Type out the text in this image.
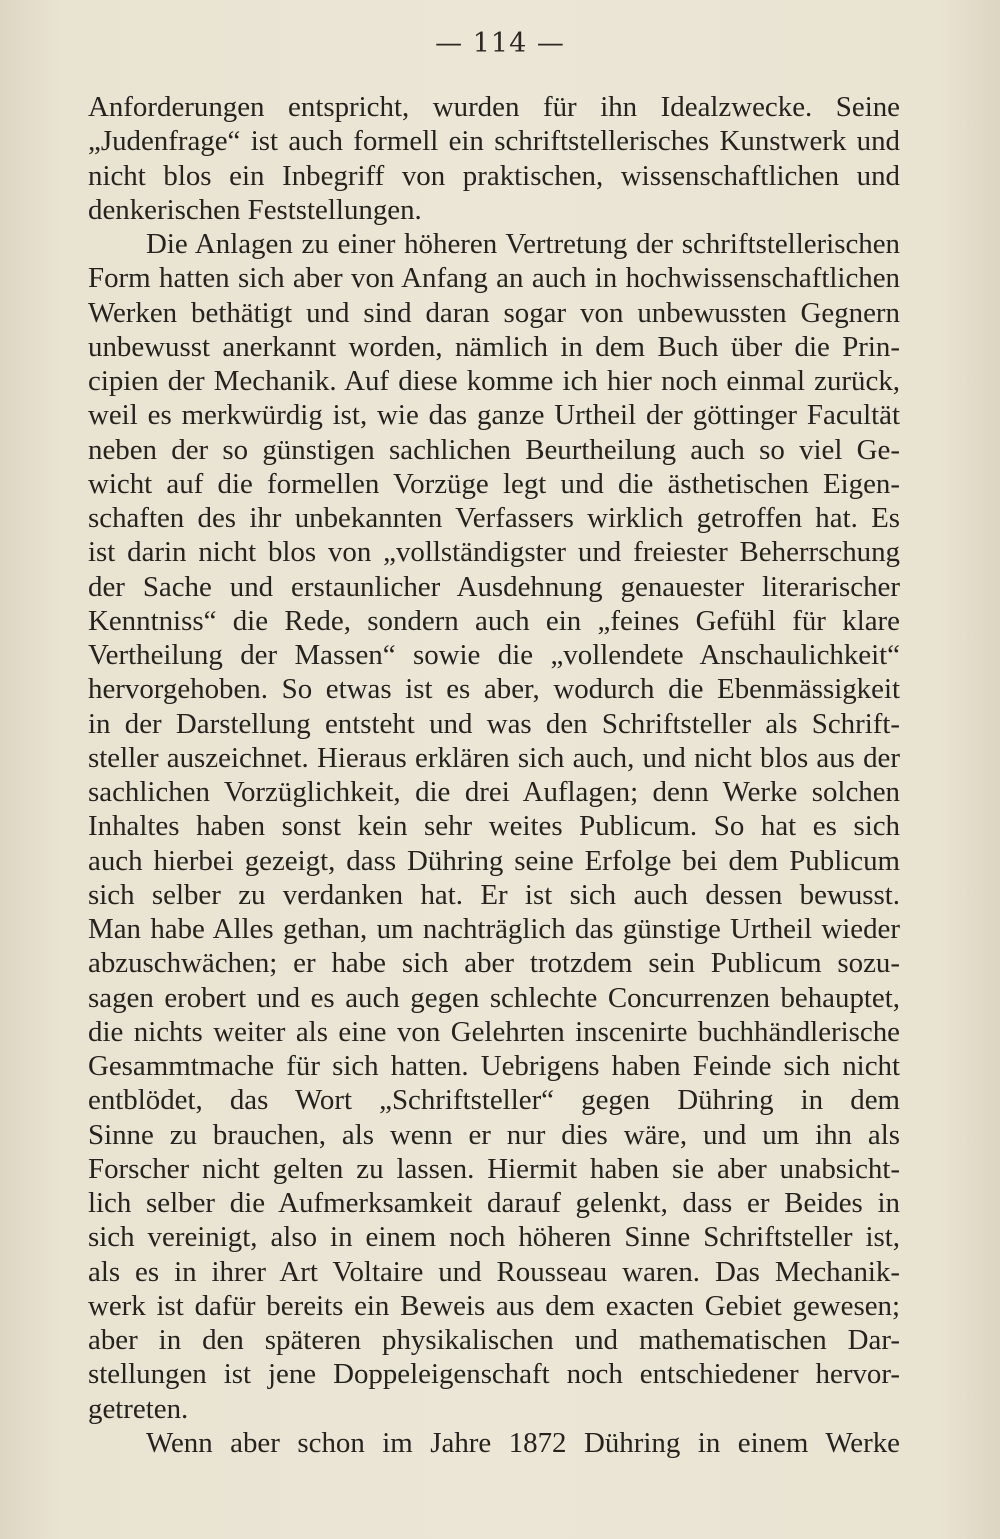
— 114 —
Anforderungen entspricht, wurden für ihn Idealzwecke. Seine
„Judenfrage“ ist auch formell ein schriftstellerisches Kunstwerk und
nicht blos ein Inbegriff von praktischen, wissenschaftlichen und
denkerischen Feststellungen.
Die Anlagen zu einer höheren Vertretung der schriftstellerischen
Form hatten sich aber von Anfang an auch in hochwissenschaftlichen
Werken bethätigt und sind daran sogar von unbewussten Gegnern
unbewusst anerkannt worden, nämlich in dem Buch über die Prin-
cipien der Mechanik. Auf diese komme ich hier noch einmal zurück,
weil es merkwürdig ist, wie das ganze Urtheil der göttinger Facultät
neben der so günstigen sachlichen Beurtheilung auch so viel Ge-
wicht auf die formellen Vorzüge legt und die ästhetischen Eigen-
schaften des ihr unbekannten Verfassers wirklich getroffen hat. Es
ist darin nicht blos von „vollständigster und freiester Beherrschung
der Sache und erstaunlicher Ausdehnung genauester literarischer
Kenntniss“ die Rede, sondern auch ein „feines Gefühl für klare
Vertheilung der Massen“ sowie die „vollendete Anschaulichkeit“
hervorgehoben. So etwas ist es aber, wodurch die Ebenmässigkeit
in der Darstellung entsteht und was den Schriftsteller als Schrift-
steller auszeichnet. Hieraus erklären sich auch, und nicht blos aus der
sachlichen Vorzüglichkeit, die drei Auflagen; denn Werke solchen
Inhaltes haben sonst kein sehr weites Publicum. So hat es sich
auch hierbei gezeigt, dass Dühring seine Erfolge bei dem Publicum
sich selber zu verdanken hat. Er ist sich auch dessen bewusst.
Man habe Alles gethan, um nachträglich das günstige Urtheil wieder
abzuschwächen; er habe sich aber trotzdem sein Publicum sozu-
sagen erobert und es auch gegen schlechte Concurrenzen behauptet,
die nichts weiter als eine von Gelehrten inscenirte buchhändlerische
Gesammtmache für sich hatten. Uebrigens haben Feinde sich nicht
entblödet, das Wort „Schriftsteller“ gegen Dühring in dem
Sinne zu brauchen, als wenn er nur dies wäre, und um ihn als
Forscher nicht gelten zu lassen. Hiermit haben sie aber unabsicht-
lich selber die Aufmerksamkeit darauf gelenkt, dass er Beides in
sich vereinigt, also in einem noch höheren Sinne Schriftsteller ist,
als es in ihrer Art Voltaire und Rousseau waren. Das Mechanik-
werk ist dafür bereits ein Beweis aus dem exacten Gebiet gewesen;
aber in den späteren physikalischen und mathematischen Dar-
stellungen ist jene Doppeleigenschaft noch entschiedener hervor-
getreten.
Wenn aber schon im Jahre 1872 Dühring in einem Werke
